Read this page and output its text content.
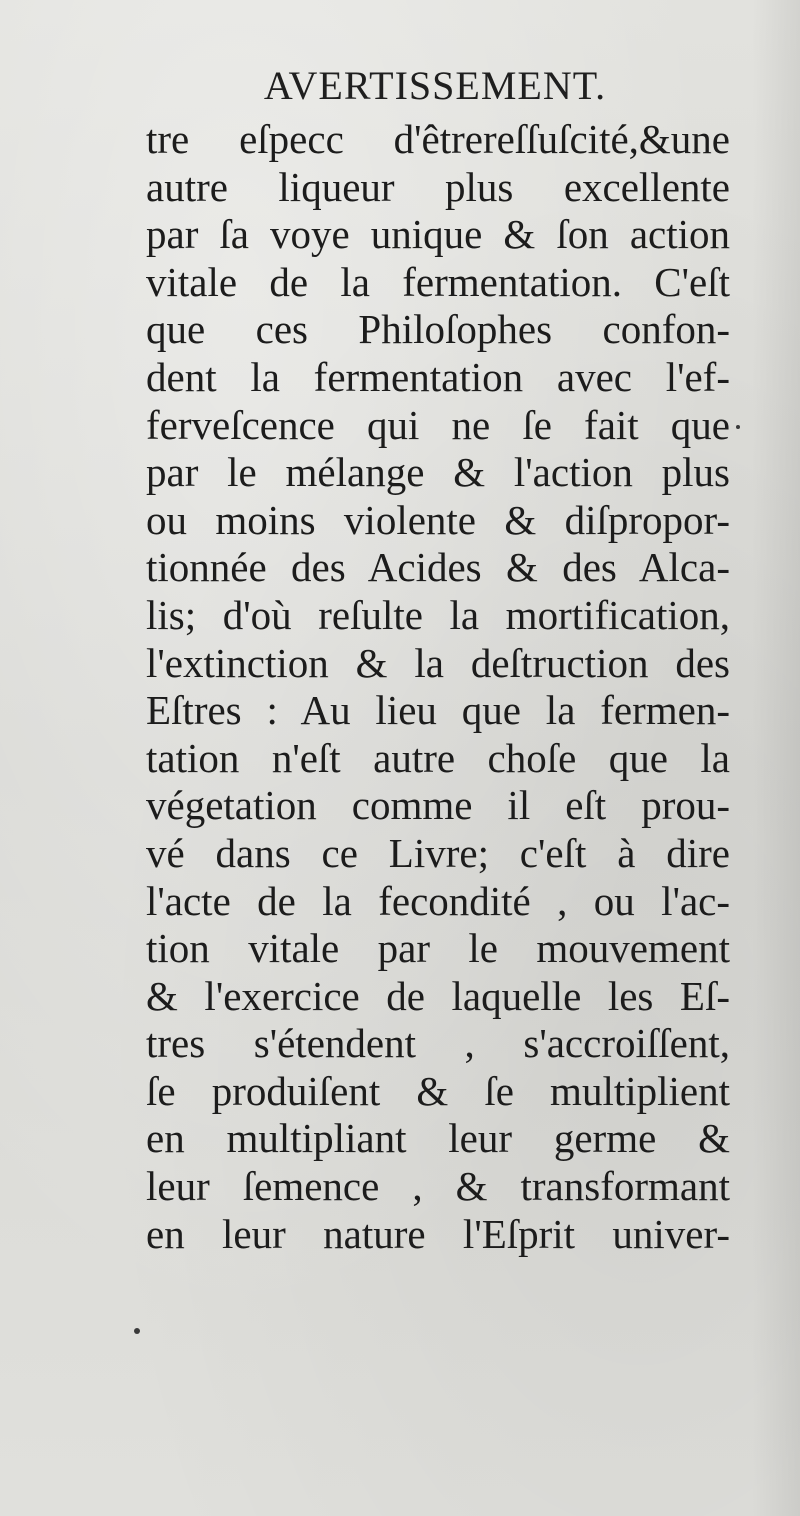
AVERTISSEMENT.
tre eſpecc d'êtrereſſuſcité,&une
autre liqueur plus excellente
par ſa voye unique & ſon action
vitale de la fermentation. C'eſt
que ces Philoſophes confon-
dent la fermentation avec l'ef-
ferveſcence qui ne ſe fait que
par le mélange & l'action plus
ou moins violente & diſpropor-
tionnée des Acides & des Alca-
lis; d'où reſulte la mortification,
l'extinction & la deſtruction des
Eſtres : Au lieu que la fermen-
tation n'eſt autre choſe que la
végetation comme il eſt prou-
vé dans ce Livre; c'eſt à dire
l'acte de la fecondité , ou l'ac-
tion vitale par le mouvement
& l'exercice de laquelle les Eſ-
tres s'étendent , s'accroiſſent,
ſe produiſent & ſe multiplient
en multipliant leur germe &
leur ſemence , & transformant
en leur nature l'Eſprit univer-
